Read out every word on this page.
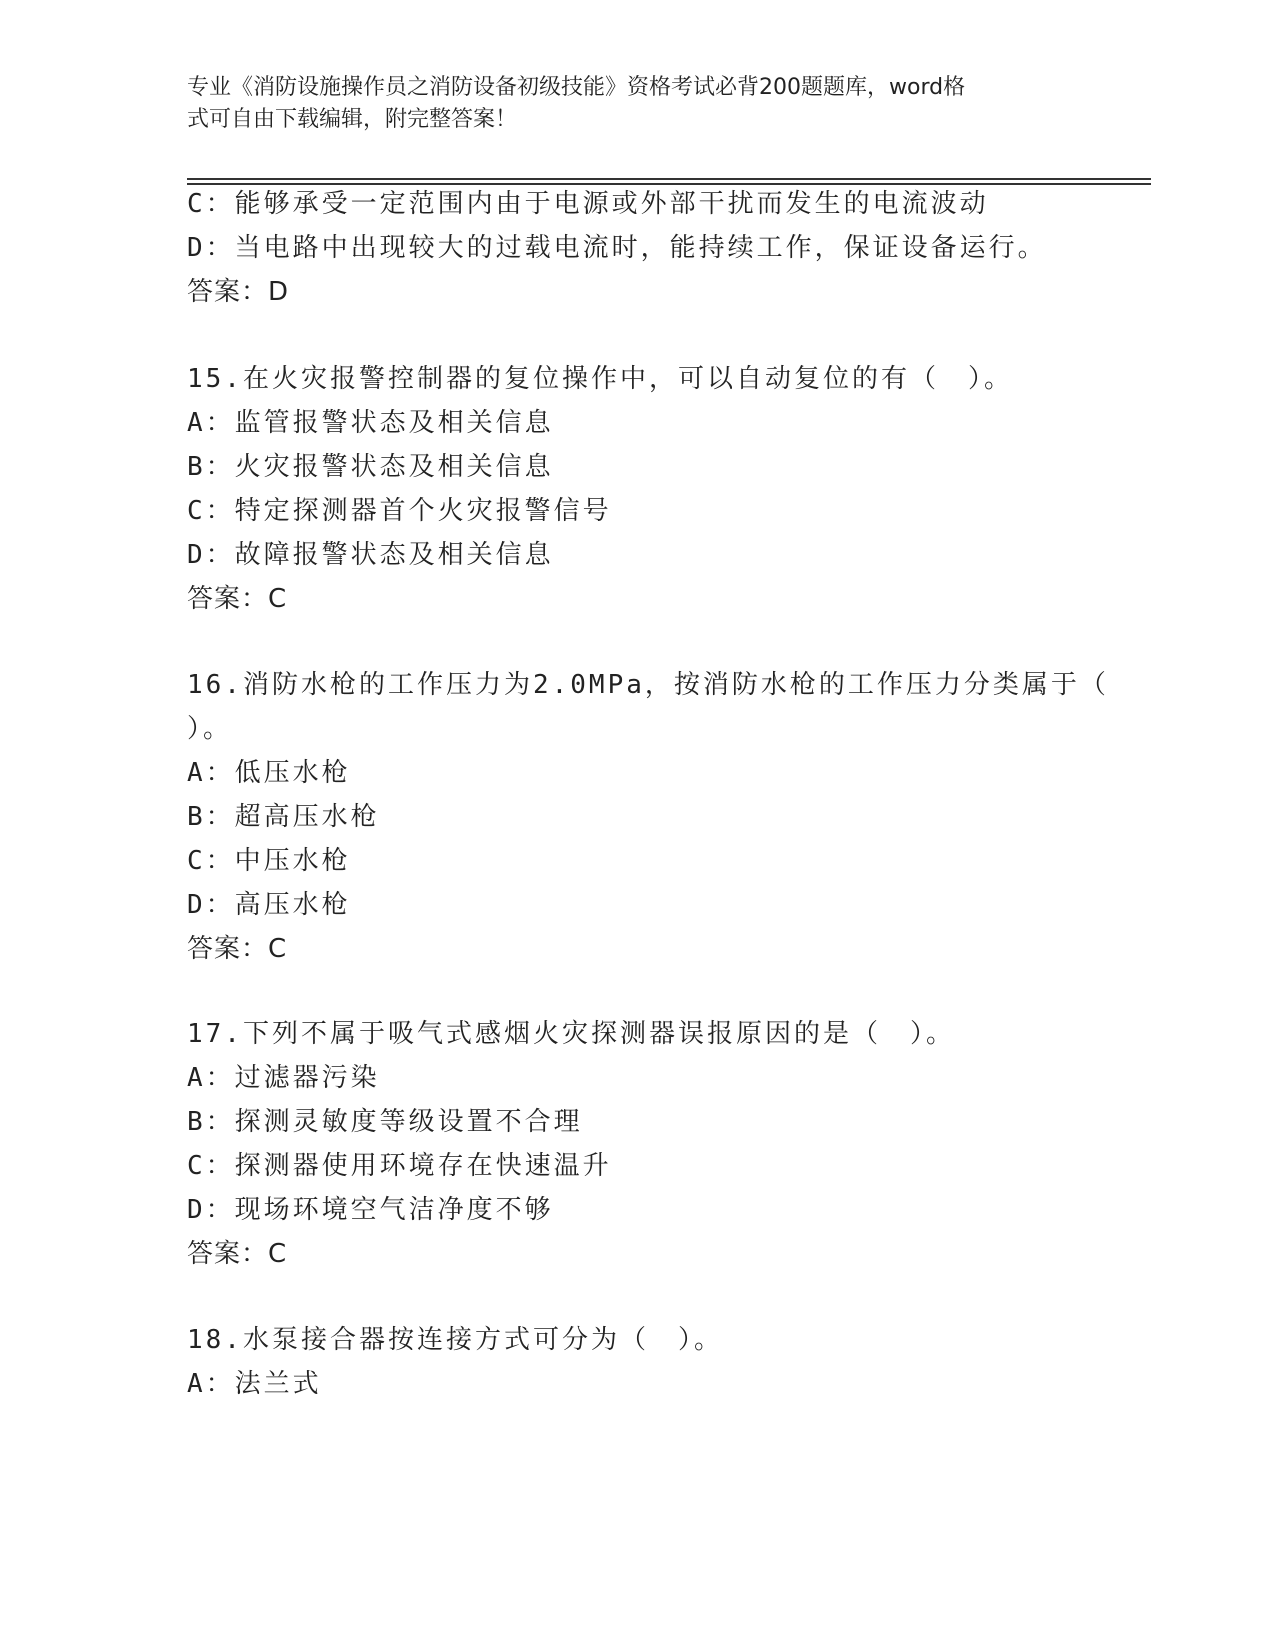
专业《消防设施操作员之消防设备初级技能》资格考试必背200题题库，word格
式可自由下载编辑，附完整答案！
C：能够承受一定范围内由于电源或外部干扰而发生的电流波动
D：当电路中出现较大的过载电流时，能持续工作，保证设备运行。
答案：D
15.在火灾报警控制器的复位操作中，可以自动复位的有（　）。
A：监管报警状态及相关信息
B：火灾报警状态及相关信息
C：特定探测器首个火灾报警信号
D：故障报警状态及相关信息
答案：C
16.消防水枪的工作压力为2.0MPa，按消防水枪的工作压力分类属于（
）。
A：低压水枪
B：超高压水枪
C：中压水枪
D：高压水枪
答案：C
17.下列不属于吸气式感烟火灾探测器误报原因的是（　）。
A：过滤器污染
B：探测灵敏度等级设置不合理
C：探测器使用环境存在快速温升
D：现场环境空气洁净度不够
答案：C
18.水泵接合器按连接方式可分为（　）。
A：法兰式
